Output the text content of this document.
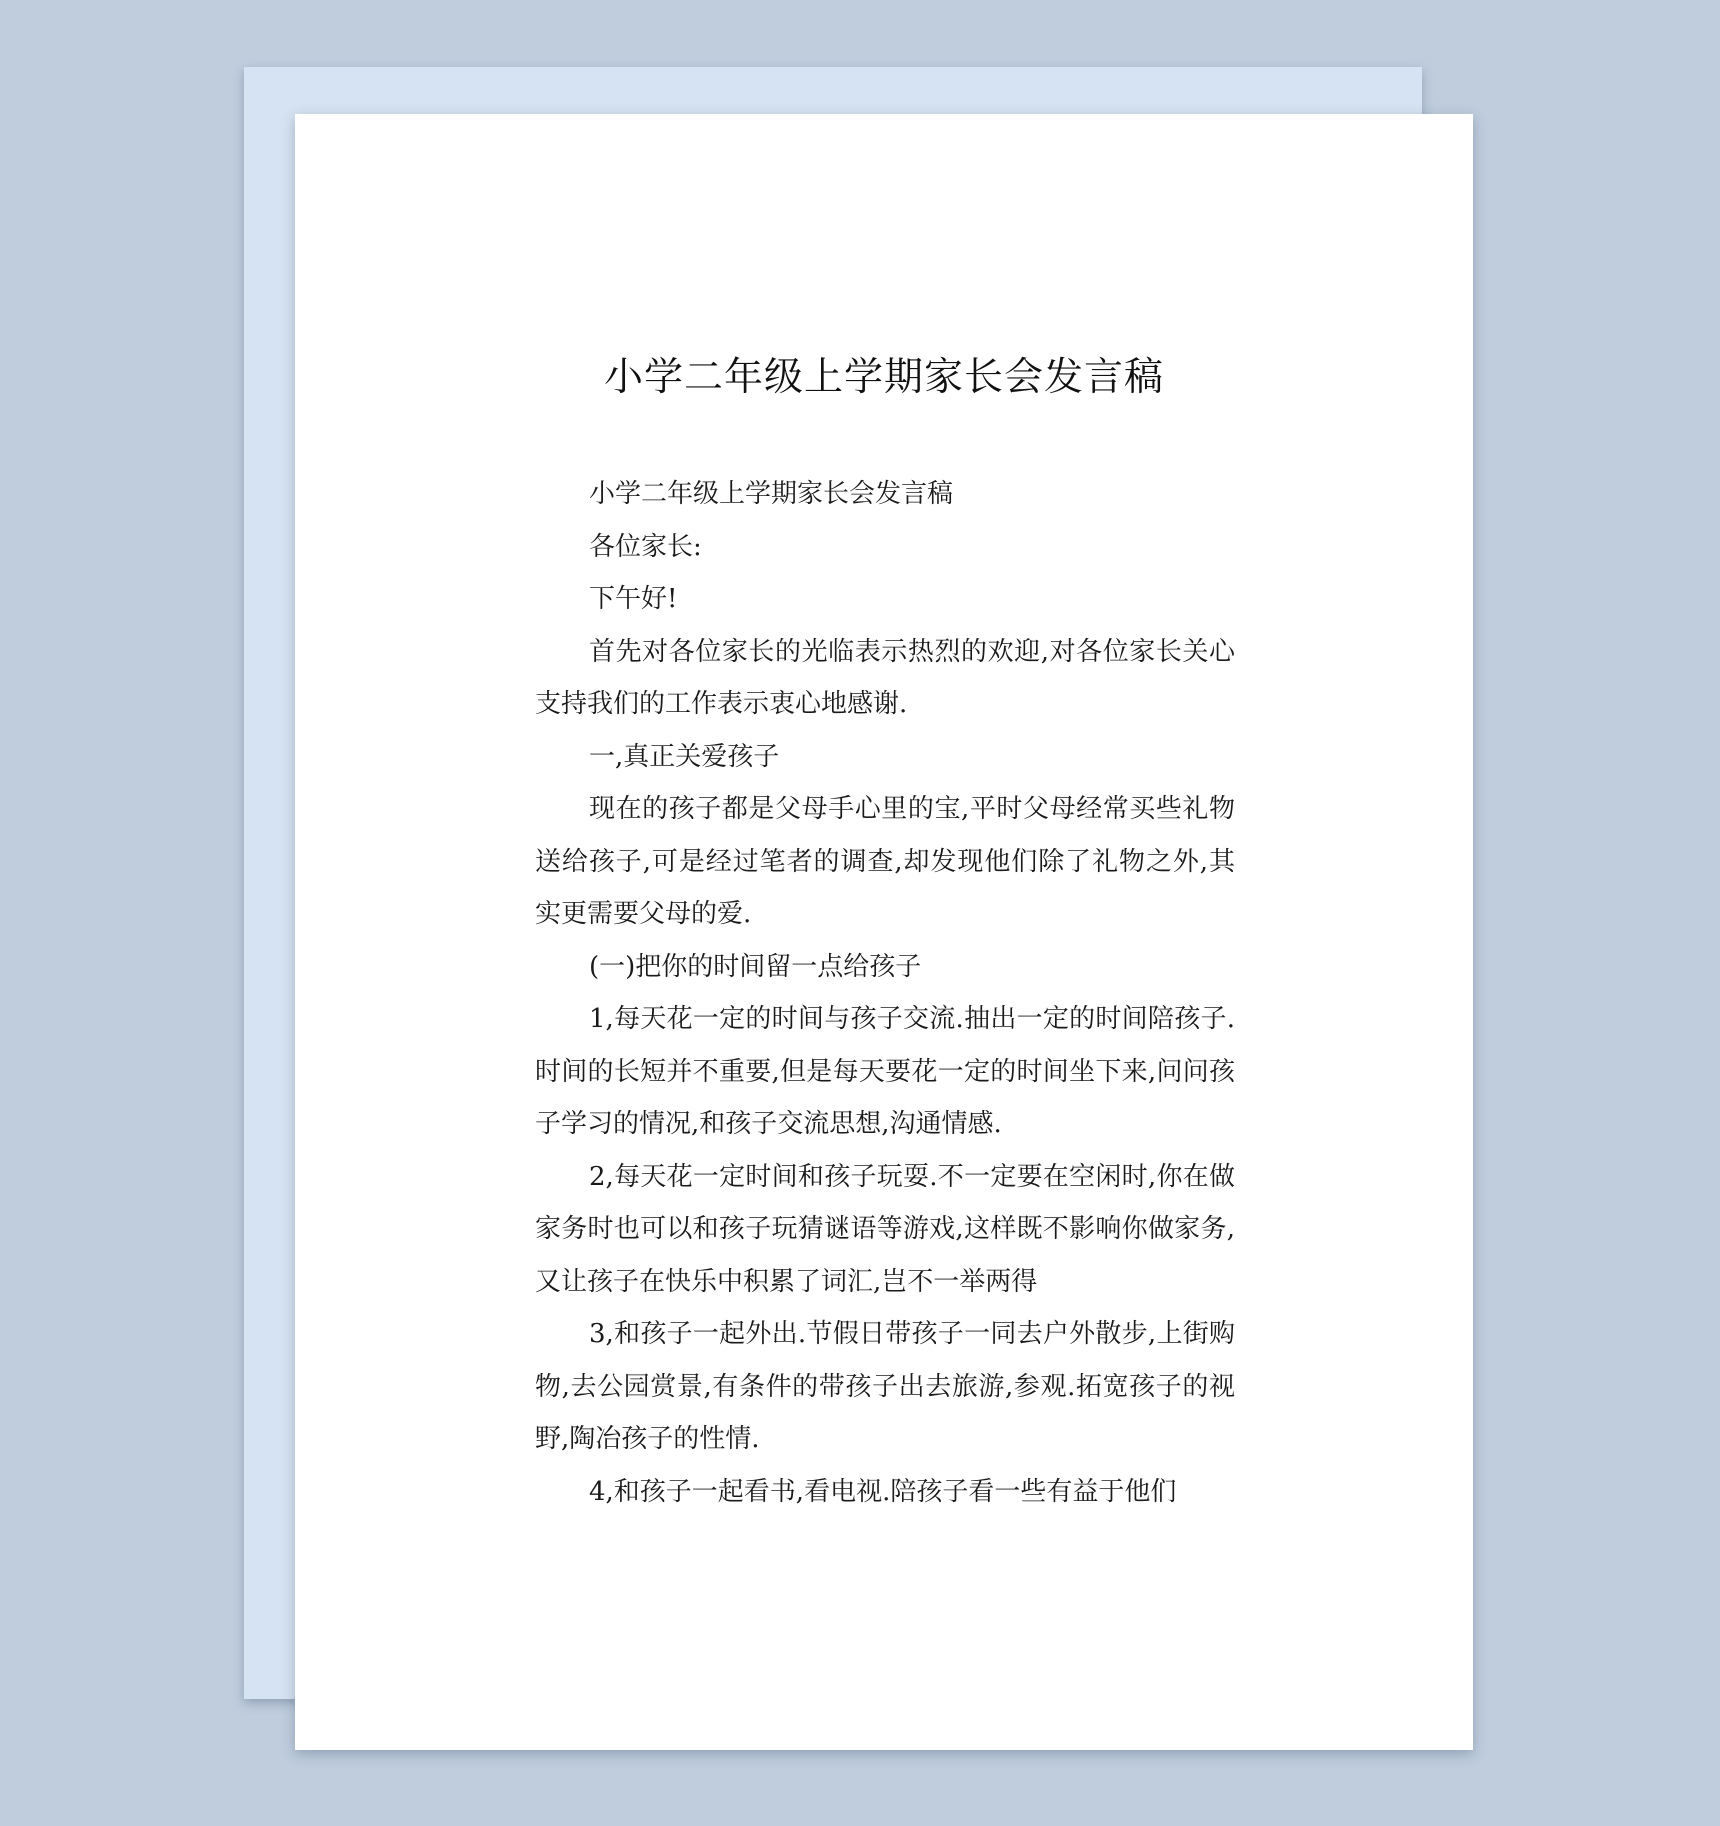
小学二年级上学期家长会发言稿

小学二年级上学期家长会发言稿

各位家长:

下午好!

首先对各位家长的光临表示热烈的欢迎,对各位家长关心支持我们的工作表示衷心地感谢.

一,真正关爱孩子

现在的孩子都是父母手心里的宝,平时父母经常买些礼物送给孩子,可是经过笔者的调查,却发现他们除了礼物之外,其实更需要父母的爱.

(一)把你的时间留一点给孩子

1,每天花一定的时间与孩子交流.抽出一定的时间陪孩子.时间的长短并不重要,但是每天要花一定的时间坐下来,问问孩子学习的情况,和孩子交流思想,沟通情感.

2,每天花一定时间和孩子玩耍.不一定要在空闲时,你在做家务时也可以和孩子玩猜谜语等游戏,这样既不影响你做家务,又让孩子在快乐中积累了词汇,岂不一举两得

3,和孩子一起外出.节假日带孩子一同去户外散步,上街购物,去公园赏景,有条件的带孩子出去旅游,参观.拓宽孩子的视野,陶冶孩子的性情.

4,和孩子一起看书,看电视.陪孩子看一些有益于他们
